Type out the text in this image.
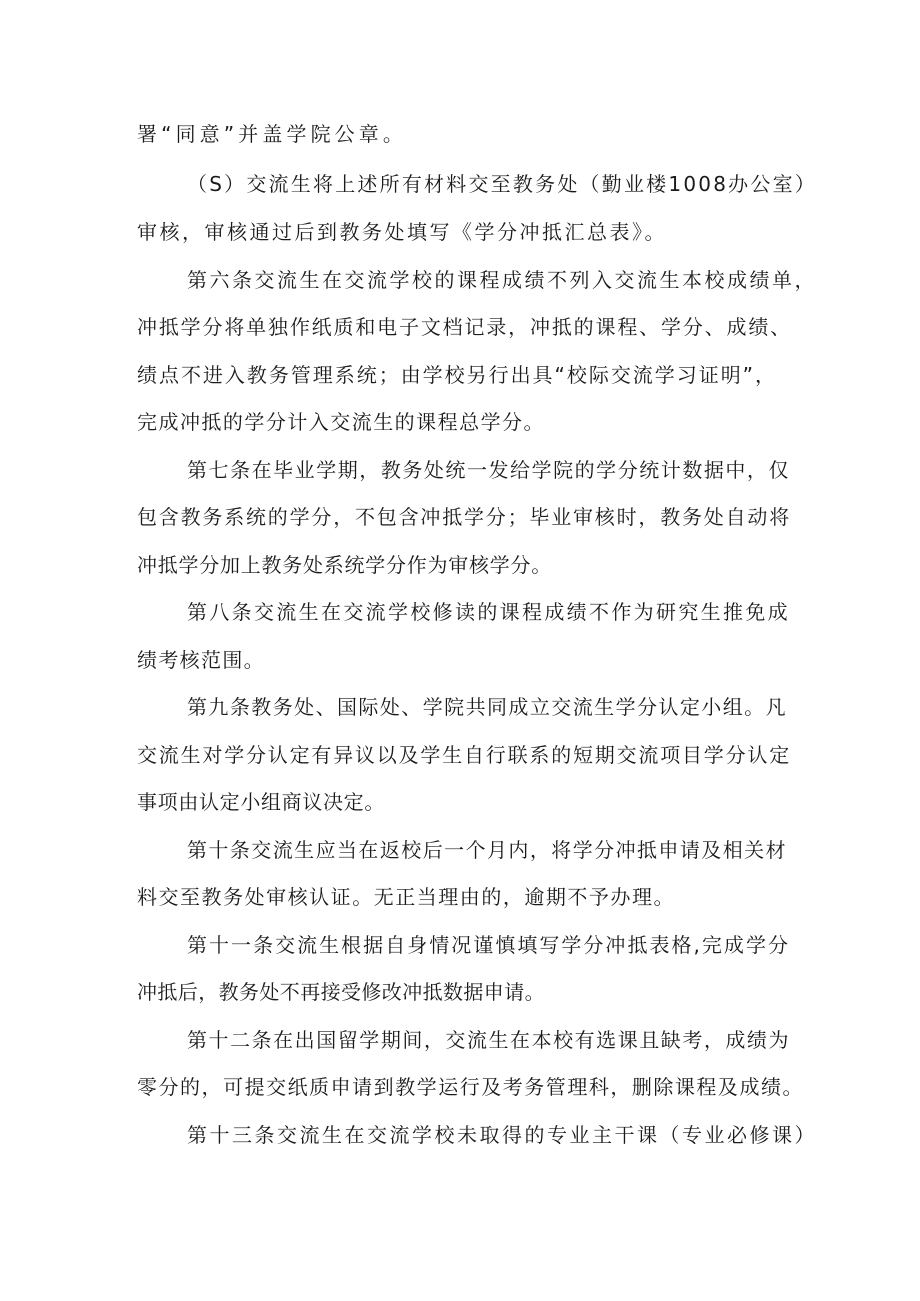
署“同意”并盖学院公章。

（S）交流生将上述所有材料交至教务处（勤业楼1008办公室）

审核，审核通过后到教务处填写《学分冲抵汇总表》。

第六条交流生在交流学校的课程成绩不列入交流生本校成绩单，

冲抵学分将单独作纸质和电子文档记录，冲抵的课程、学分、成绩、

绩点不进入教务管理系统；由学校另行出具“校际交流学习证明”，

完成冲抵的学分计入交流生的课程总学分。

第七条在毕业学期，教务处统一发给学院的学分统计数据中，仅

包含教务系统的学分，不包含冲抵学分；毕业审核时，教务处自动将

冲抵学分加上教务处系统学分作为审核学分。

第八条交流生在交流学校修读的课程成绩不作为研究生推免成

绩考核范围。

第九条教务处、国际处、学院共同成立交流生学分认定小组。凡

交流生对学分认定有异议以及学生自行联系的短期交流项目学分认定

事项由认定小组商议决定。

第十条交流生应当在返校后一个月内，将学分冲抵申请及相关材

料交至教务处审核认证。无正当理由的，逾期不予办理。

第十一条交流生根据自身情况谨慎填写学分冲抵表格,完成学分

冲抵后，教务处不再接受修改冲抵数据申请。

第十二条在出国留学期间，交流生在本校有选课且缺考，成绩为

零分的，可提交纸质申请到教学运行及考务管理科，删除课程及成绩。

第十三条交流生在交流学校未取得的专业主干课（专业必修课）
